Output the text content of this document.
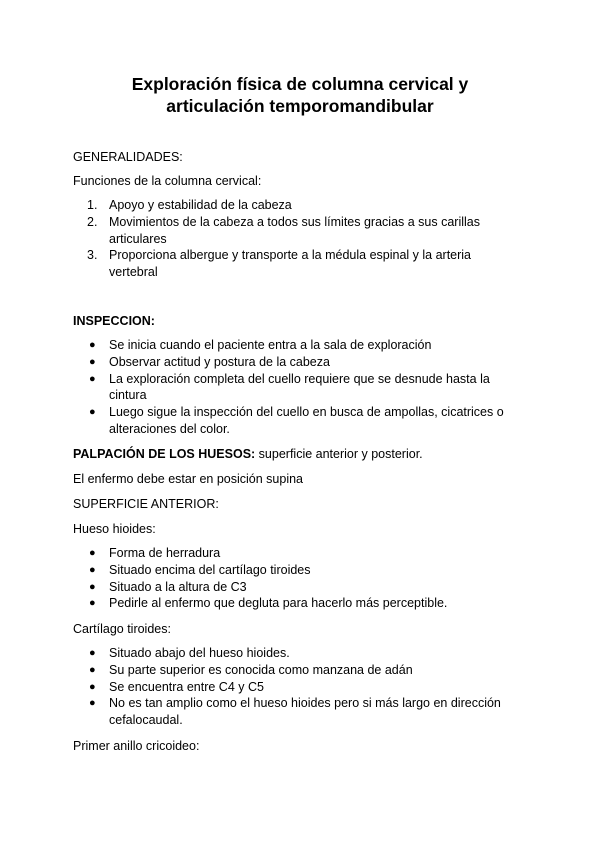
Exploración física de columna cervical y
articulación temporomandibular
GENERALIDADES:
Funciones de la columna cervical:
1. Apoyo y estabilidad de la cabeza
2. Movimientos de la cabeza a todos sus límites gracias a sus carillas
articulares
3. Proporciona albergue y transporte a la médula espinal y la arteria
vertebral
INSPECCION:
●	Se inicia cuando el paciente entra a la sala de exploración
●	Observar actitud y postura de la cabeza
●	La exploración completa del cuello requiere que se desnude hasta la
cintura
●	Luego sigue la inspección del cuello en busca de ampollas, cicatrices o
alteraciones del color.
PALPACIÓN DE LOS HUESOS: superficie anterior y posterior.
El enfermo debe estar en posición supina
SUPERFICIE ANTERIOR:
Hueso hioides:
●	Forma de herradura
●	Situado encima del cartílago tiroides
●	Situado a la altura de C3
●	Pedirle al enfermo que degluta para hacerlo más perceptible.
Cartílago tiroides:
●	Situado abajo del hueso hioides.
●	Su parte superior es conocida como manzana de adán
●	Se encuentra entre C4 y C5
●	No es tan amplio como el hueso hioides pero si más largo en dirección
cefalocaudal.
Primer anillo cricoideo:
